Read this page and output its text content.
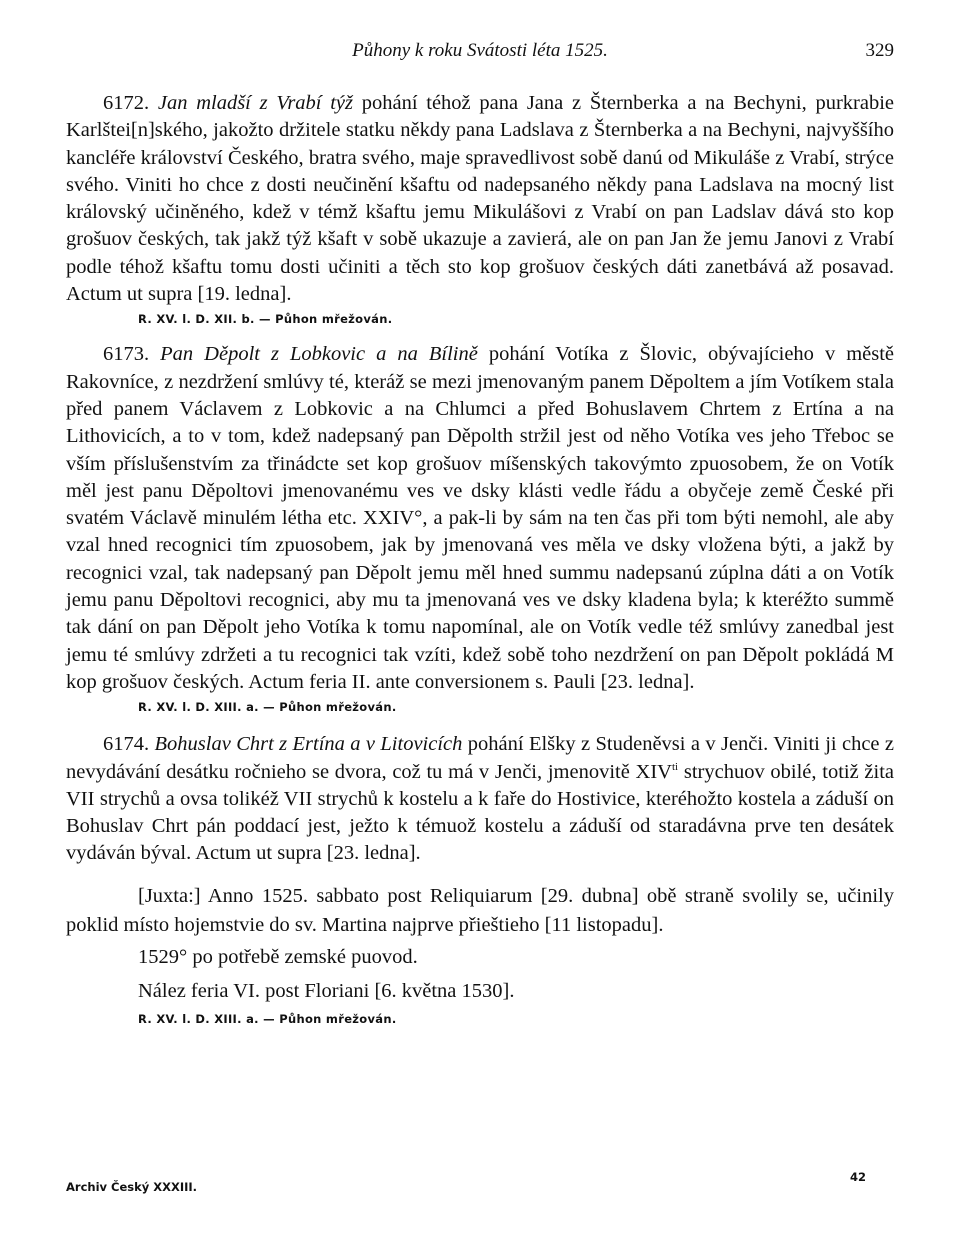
Půhony k roku Svátosti léta 1525.	329

6172. Jan mladší z Vrabí týž pohání téhož pana Jana z Šternberka a na Bechyni, purkrabie Karlštei[n]ského, jakožto držitele statku někdy pana Ladslava z Šternberka a na Bechyni, najvyššího kancléře království Českého, bratra svého, maje spravedlivost sobě danú od Mikuláše z Vrabí, strýce svého. Viniti ho chce z dosti neučinění kšaftu od nadepsaného někdy pana Ladslava na mocný list královský učiněného, kdež v témž kšaftu jemu Mikulášovi z Vrabí on pan Ladslav dává sto kop grošuov českých, tak jakž týž kšaft v sobě ukazuje a zavierá, ale on pan Jan že jemu Janovi z Vrabí podle téhož kšaftu tomu dosti učiniti a těch sto kop grošuov českých dáti zanetbává až posavad. Actum ut supra [19. ledna].

R. XV. l. D. XII. b. — Půhon mřežován.

6173. Pan Děpolt z Lobkovic a na Bílině pohání Votíka z Šlovic, obývajícieho v městě Rakovníce, z nezdržení smlúvy té, kteráž se mezi jmenovaným panem Děpoltem a jím Votíkem stala před panem Václavem z Lobkovic a na Chlumci a před Bohuslavem Chrtem z Ertína a na Lithovicích, a to v tom, kdež nadepsaný pan Děpolth stržil jest od něho Votíka ves jeho Třeboc se vším příslušenstvím za třinádcte set kop grošuov míšenských takovýmto zpuosobem, že on Votík měl jest panu Děpoltovi jmenovanému ves ve dsky klásti vedle řádu a obyčeje země České při svatém Václavě minulém létha etc. XXIV°, a pak-li by sám na ten čas při tom býti nemohl, ale aby vzal hned recognici tím zpuosobem, jak by jmenovaná ves měla ve dsky vložena býti, a jakž by recognici vzal, tak nadepsaný pan Děpolt jemu měl hned summu nadepsanú zúplna dáti a on Votík jemu panu Děpoltovi recognici, aby mu ta jmenovaná ves ve dsky kladena byla; k kteréžto summě tak dání on pan Děpolt jeho Votíka k tomu napomínal, ale on Votík vedle též smlúvy zanedbal jest jemu té smlúvy zdržeti a tu recognici tak vzíti, kdež sobě toho nezdržení on pan Děpolt pokládá M kop grošuov českých. Actum feria II. ante conversionem s. Pauli [23. ledna].

R. XV. l. D. XIII. a. — Půhon mřežován.

6174. Bohuslav Chrt z Ertína a v Litovicích pohání Elšky z Studeněvsi a v Jenči. Viniti ji chce z nevydávání desátku ročnieho se dvora, což tu má v Jenči, jmenovitě $XIV^{ti}$ strychuov obilé, totiž žita VII strychů a ovsa tolikéž VII strychů k kostelu a k faře do Hostivice, kteréhožto kostela a záduší on Bohuslav Chrt pán poddací jest, ježto k témuož kostelu a záduší od staradávna prve ten desátek vydáván býval. Actum ut supra [23. ledna].

[Juxta:] Anno 1525. sabbato post Reliquiarum [29. dubna] obě straně svolily se, učinily poklid místo hojemstvie do sv. Martina najprve přieštieho [11 listopadu].

1529° po potřebě zemské puovod.

Nález feria VI. post Floriani [6. května 1530].

R. XV. l. D. XIII. a. — Půhon mřežován.
Archiv Český XXXIII.
42
